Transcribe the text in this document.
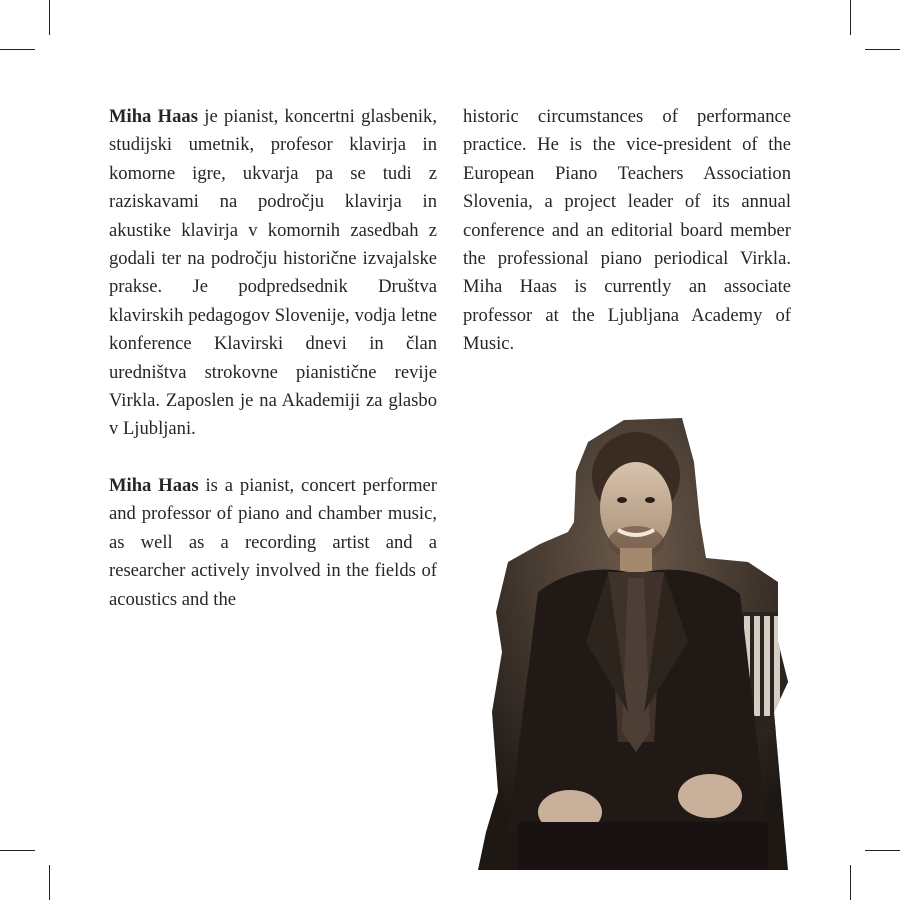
Miha Haas je pianist, koncertni glasbenik, studijski umetnik, profesor klavirja in komorne igre, ukvarja pa se tudi z raziskavami na področju klavirja in akustike klavirja v komornih zasedbah z godali ter na področju historične izvajalske prakse. Je podpredsednik Društva klavirskih pedagogov Slovenije, vodja letne konference Klavirski dnevi in član uredništva strokovne pianistične revije Virkla. Zaposlen je na Akademiji za glasbo v Ljubljani.

Miha Haas is a pianist, concert performer and professor of piano and chamber music, as well as a recording artist and a researcher actively involved in the fields of acoustics and the

historic circumstances of performance practice. He is the vice-president of the European Piano Teachers Association Slovenia, a project leader of its annual conference and an editorial board member the professional piano periodical Virkla. Miha Haas is currently an associate professor at the Ljubljana Academy of Music.
